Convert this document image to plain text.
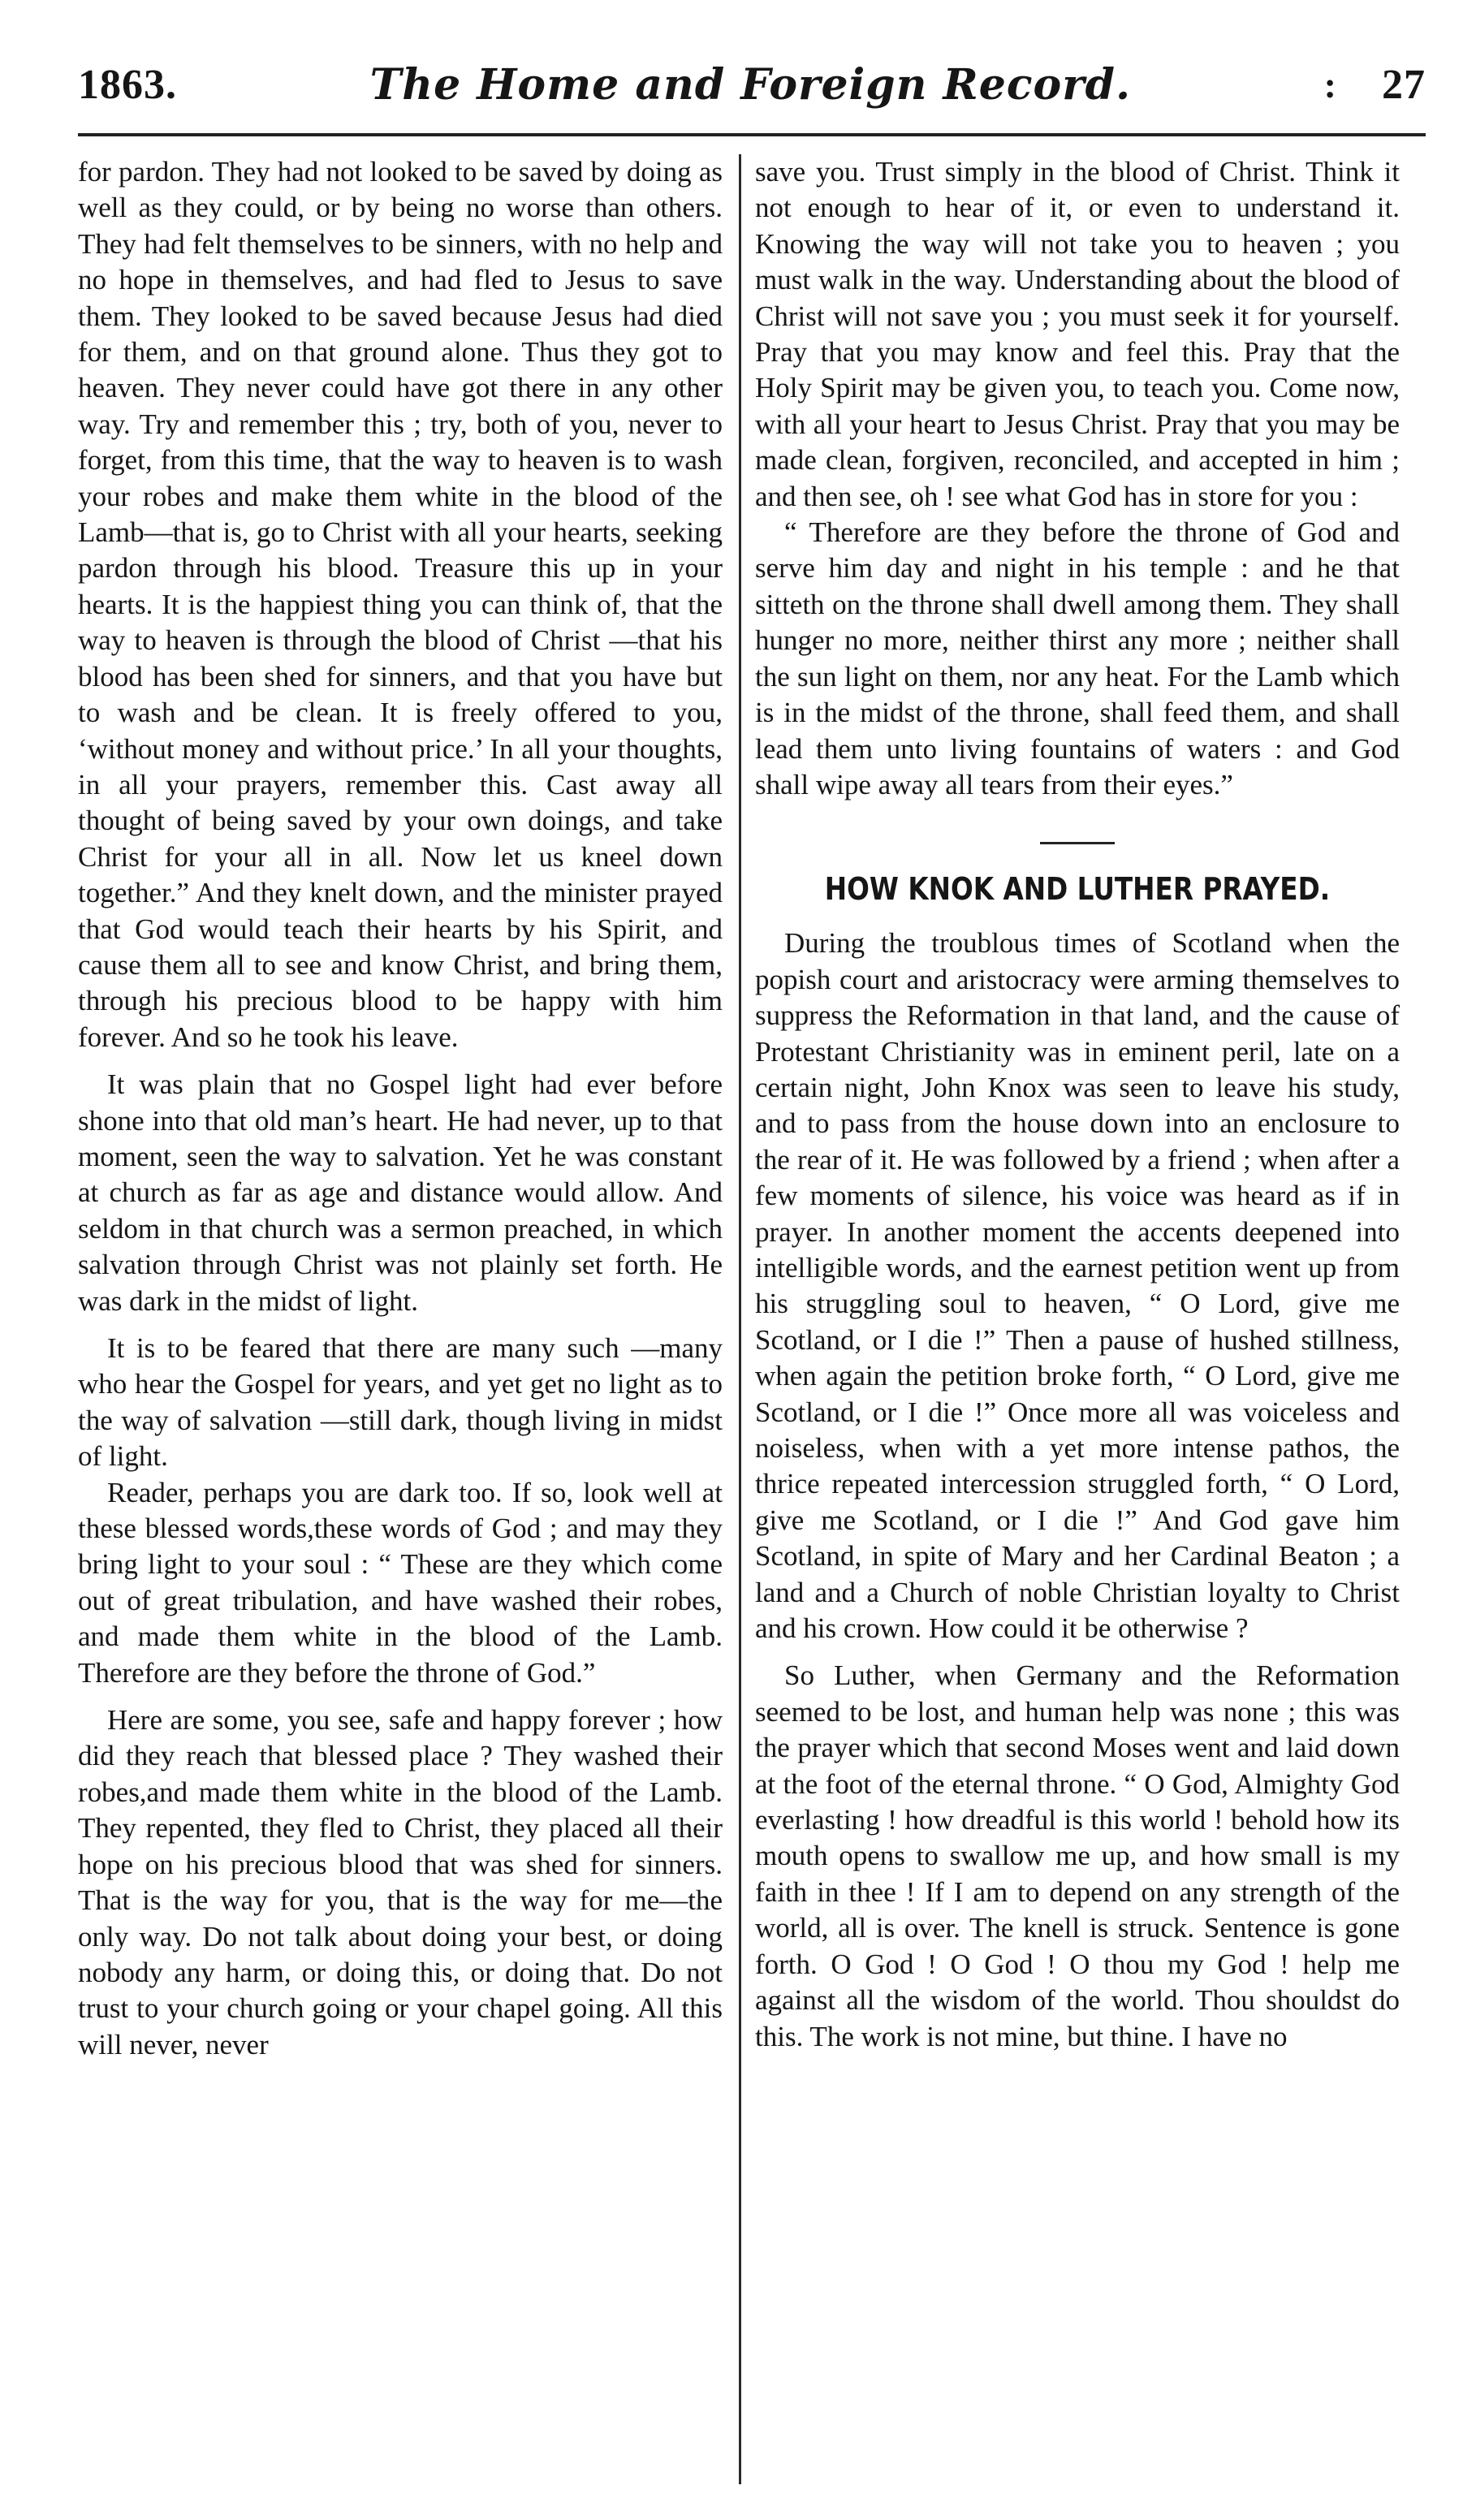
1863.	The Home and Foreign Record.	: 27

for pardon. They had not looked to be saved by doing as well as they could, or by being no worse than others. They had felt themselves to be sinners, with no help and no hope in themselves, and had fled to Jesus to save them. They looked to be saved because Jesus had died for them, and on that ground alone. Thus they got to heaven. They never could have got there in any other way. Try and remember this ; try, both of you, never to forget, from this time, that the way to heaven is to wash your robes and make them white in the blood of the Lamb—that is, go to Christ with all your hearts, seeking pardon through his blood. Treasure this up in your hearts. It is the happiest thing you can think of, that the way to heaven is through the blood of Christ —that his blood has been shed for sinners, and that you have but to wash and be clean. It is freely offered to you, ‘without money and without price.’ In all your thoughts, in all your prayers, remember this. Cast away all thought of being saved by your own doings, and take Christ for your all in all. Now let us kneel down together.” And they knelt down, and the minister prayed that God would teach their hearts by his Spirit, and cause them all to see and know Christ, and bring them, through his precious blood to be happy with him forever. And so he took his leave.

It was plain that no Gospel light had ever before shone into that old man’s heart. He had never, up to that moment, seen the way to salvation. Yet he was constant at church as far as age and distance would allow. And seldom in that church was a sermon preached, in which salvation through Christ was not plainly set forth. He was dark in the midst of light.

It is to be feared that there are many such —many who hear the Gospel for years, and yet get no light as to the way of salvation —still dark, though living in midst of light.

Reader, perhaps you are dark too. If so, look well at these blessed words,these words of God ; and may they bring light to your soul : “ These are they which come out of great tribulation, and have washed their robes, and made them white in the blood of the Lamb. Therefore are they before the throne of God.”

Here are some, you see, safe and happy forever ; how did they reach that blessed place ? They washed their robes,and made them white in the blood of the Lamb. They repented, they fled to Christ, they placed all their hope on his precious blood that was shed for sinners. That is the way for you, that is the way for me—the only way. Do not talk about doing your best, or doing nobody any harm, or doing this, or doing that. Do not trust to your church going or your chapel going. All this will never, never

save you. Trust simply in the blood of Christ. Think it not enough to hear of it, or even to understand it. Knowing the way will not take you to heaven ; you must walk in the way. Understanding about the blood of Christ will not save you ; you must seek it for yourself. Pray that you may know and feel this. Pray that the Holy Spirit may be given you, to teach you. Come now, with all your heart to Jesus Christ. Pray that you may be made clean, forgiven, reconciled, and accepted in him ; and then see, oh ! see what God has in store for you :

“ Therefore are they before the throne of God and serve him day and night in his temple : and he that sitteth on the throne shall dwell among them. They shall hunger no more, neither thirst any more ; neither shall the sun light on them, nor any heat. For the Lamb which is in the midst of the throne, shall feed them, and shall lead them unto living fountains of waters : and God shall wipe away all tears from their eyes.”

HOW KNOK AND LUTHER PRAYED.

During the troublous times of Scotland when the popish court and aristocracy were arming themselves to suppress the Reformation in that land, and the cause of Protestant Christianity was in eminent peril, late on a certain night, John Knox was seen to leave his study, and to pass from the house down into an enclosure to the rear of it. He was followed by a friend ; when after a few moments of silence, his voice was heard as if in prayer. In another moment the accents deepened into intelligible words, and the earnest petition went up from his struggling soul to heaven, “ O Lord, give me Scotland, or I die !” Then a pause of hushed stillness, when again the petition broke forth, “ O Lord, give me Scotland, or I die !” Once more all was voiceless and noiseless, when with a yet more intense pathos, the thrice repeated intercession struggled forth, “ O Lord, give me Scotland, or I die !” And God gave him Scotland, in spite of Mary and her Cardinal Beaton ; a land and a Church of noble Christian loyalty to Christ and his crown. How could it be otherwise ?

So Luther, when Germany and the Reformation seemed to be lost, and human help was none ; this was the prayer which that second Moses went and laid down at the foot of the eternal throne. “ O God, Almighty God everlasting ! how dreadful is this world ! behold how its mouth opens to swallow me up, and how small is my faith in thee ! If I am to depend on any strength of the world, all is over. The knell is struck. Sentence is gone forth. O God ! O God ! O thou my God ! help me against all the wisdom of the world. Thou shouldst do this. The work is not mine, but thine. I have no
